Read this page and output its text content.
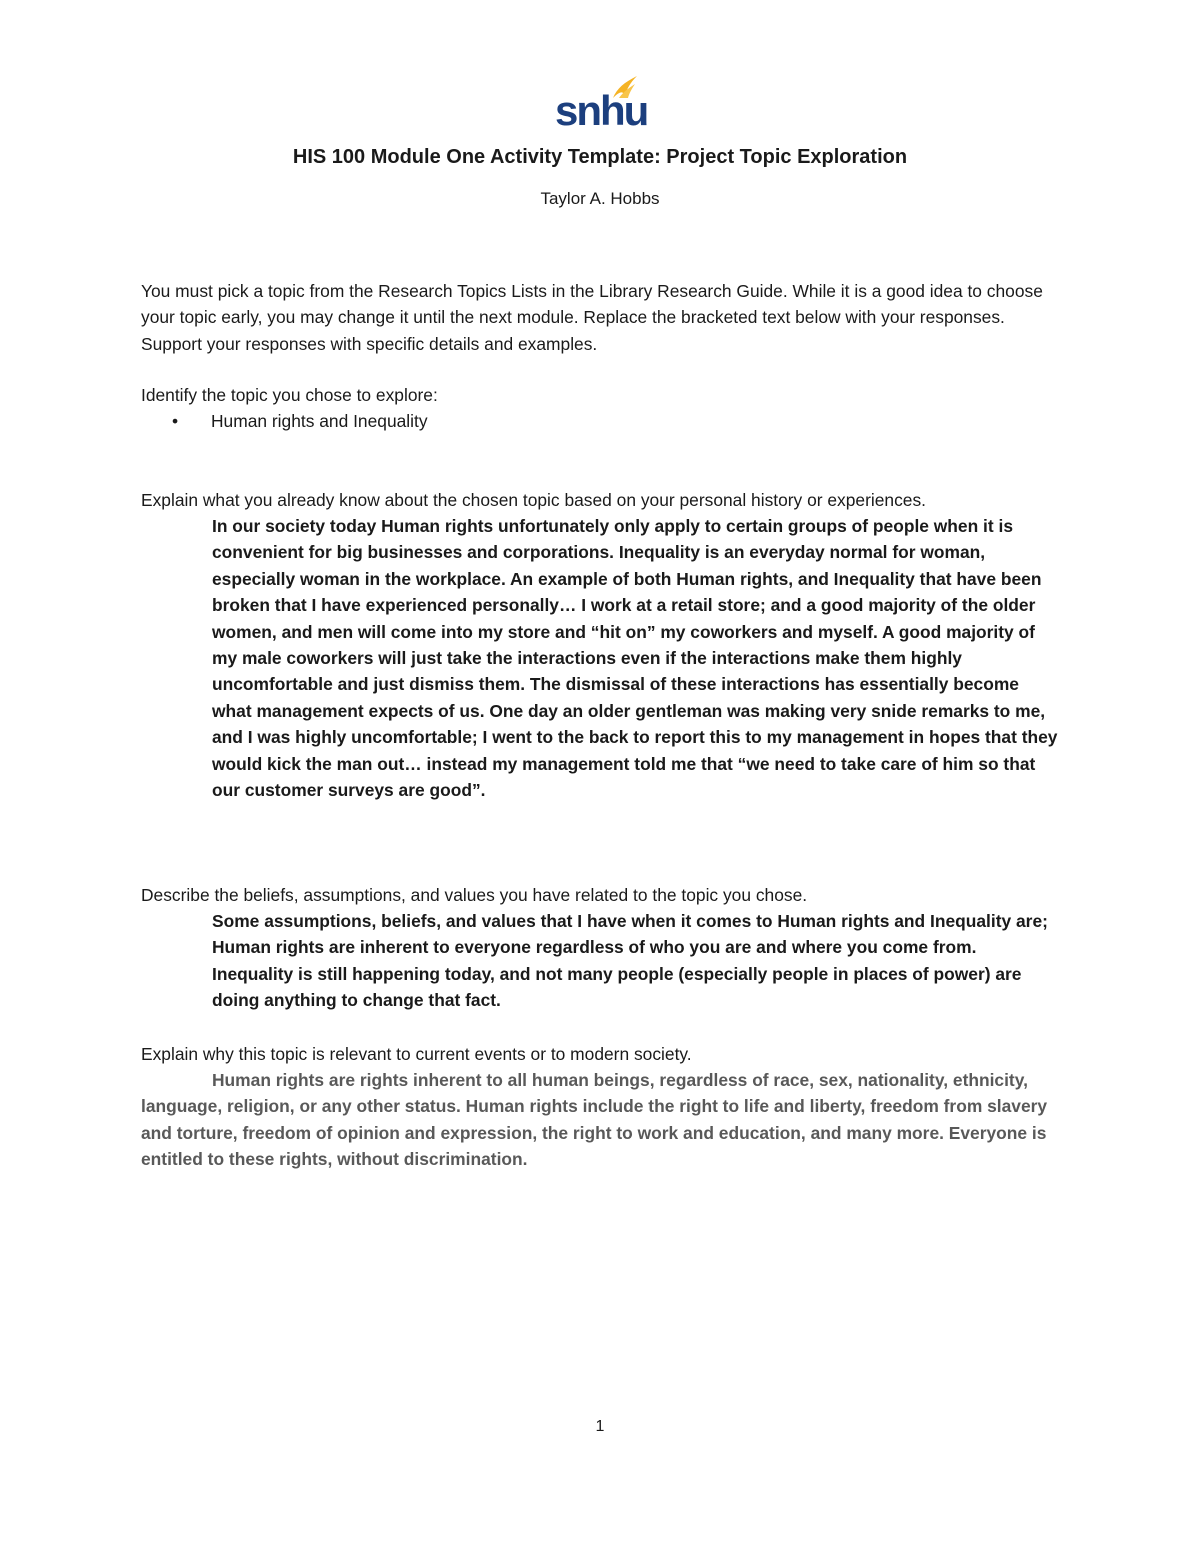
snhu
HIS 100 Module One Activity Template: Project Topic Exploration
Taylor A. Hobbs

You must pick a topic from the Research Topics Lists in the Library Research Guide. While it is a good idea to choose your topic early, you may change it until the next module. Replace the bracketed text below with your responses. Support your responses with specific details and examples.

Identify the topic you chose to explore:

•	Human rights and Inequality

Explain what you already know about the chosen topic based on your personal history or experiences.

In our society today Human rights unfortunately only apply to certain groups of people when it is convenient for big businesses and corporations. Inequality is an everyday normal for woman, especially woman in the workplace. An example of both Human rights, and Inequality that have been broken that I have experienced personally… I work at a retail store; and a good majority of the older women, and men will come into my store and “hit on” my coworkers and myself. A good majority of my male coworkers will just take the interactions even if the interactions make them highly uncomfortable and just dismiss them. The dismissal of these interactions has essentially become what management expects of us. One day an older gentleman was making very snide remarks to me, and I was highly uncomfortable; I went to the back to report this to my management in hopes that they would kick the man out… instead my management told me that “we need to take care of him so that our customer surveys are good”.

Describe the beliefs, assumptions, and values you have related to the topic you chose.

Some assumptions, beliefs, and values that I have when it comes to Human rights and Inequality are; Human rights are inherent to everyone regardless of who you are and where you come from. Inequality is still happening today, and not many people (especially people in places of power) are doing anything to change that fact.

Explain why this topic is relevant to current events or to modern society.

Human rights are rights inherent to all human beings, regardless of race, sex, nationality, ethnicity, language, religion, or any other status. Human rights include the right to life and liberty, freedom from slavery and torture, freedom of opinion and expression, the right to work and education, and many more. Everyone is entitled to these rights, without discrimination.

1
